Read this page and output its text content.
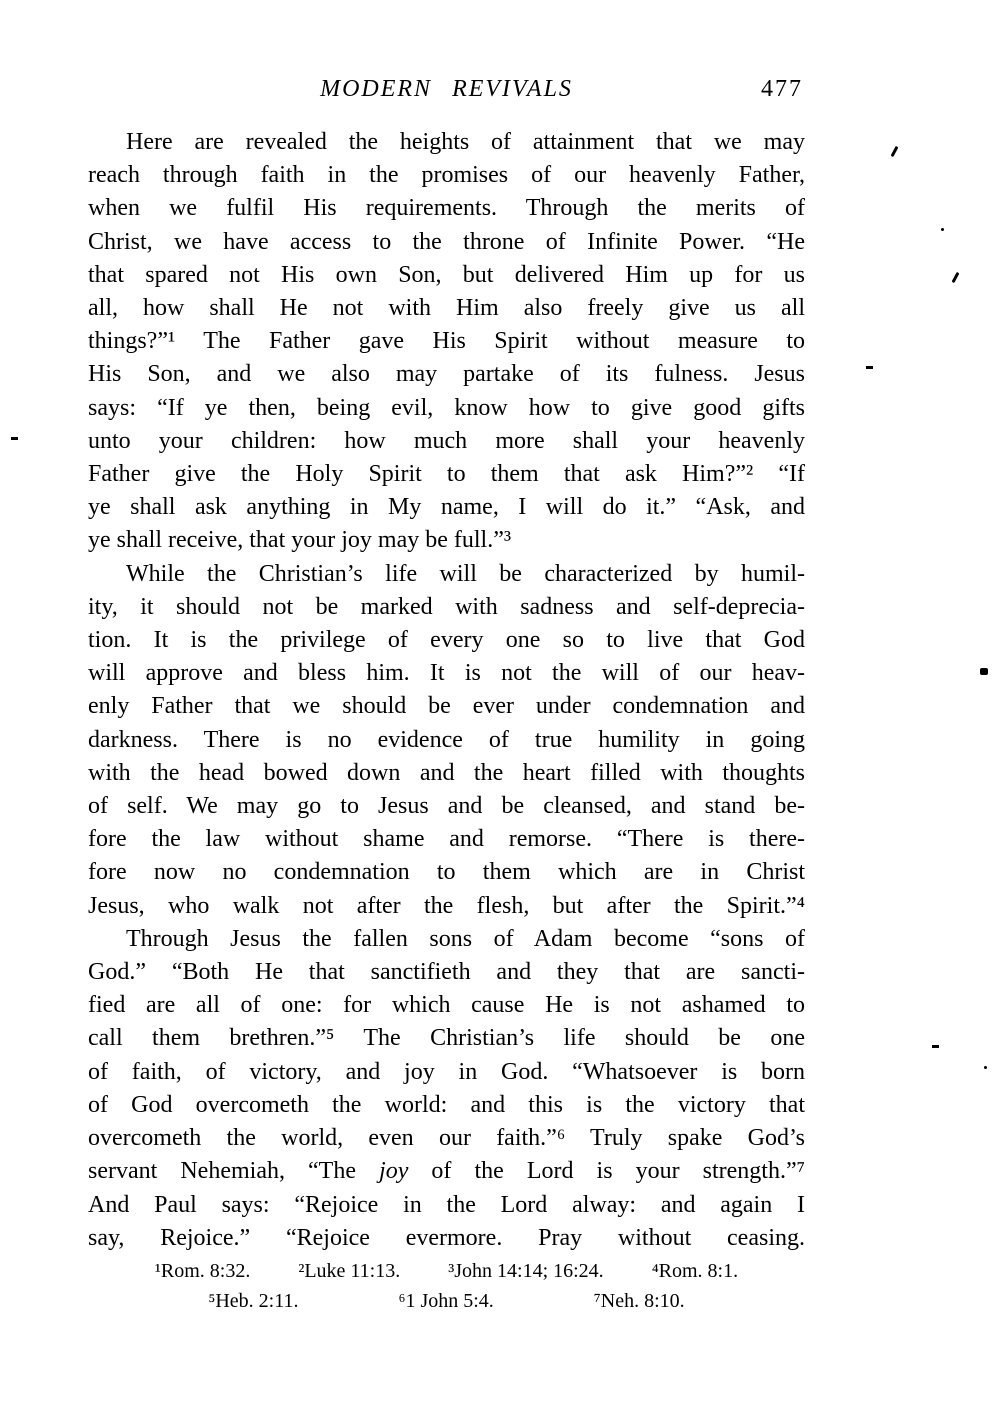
MODERN REVIVALS	477
Here are revealed the heights of attainment that we may
reach through faith in the promises of our heavenly Father,
when we fulfil His requirements. Through the merits of
Christ, we have access to the throne of Infinite Power. “He
that spared not His own Son, but delivered Him up for us
all, how shall He not with Him also freely give us all
things?”¹ The Father gave His Spirit without measure to
His Son, and we also may partake of its fulness. Jesus
says: “If ye then, being evil, know how to give good gifts
unto your children: how much more shall your heavenly
Father give the Holy Spirit to them that ask Him?”² “If
ye shall ask anything in My name, I will do it.” “Ask, and
ye shall receive, that your joy may be full.”³
While the Christian’s life will be characterized by humil-
ity, it should not be marked with sadness and self-deprecia-
tion. It is the privilege of every one so to live that God
will approve and bless him. It is not the will of our heav-
enly Father that we should be ever under condemnation and
darkness. There is no evidence of true humility in going
with the head bowed down and the heart filled with thoughts
of self. We may go to Jesus and be cleansed, and stand be-
fore the law without shame and remorse. “There is there-
fore now no condemnation to them which are in Christ
Jesus, who walk not after the flesh, but after the Spirit.”⁴
Through Jesus the fallen sons of Adam become “sons of
God.” “Both He that sanctifieth and they that are sancti-
fied are all of one: for which cause He is not ashamed to
call them brethren.”⁵ The Christian’s life should be one
of faith, of victory, and joy in God. “Whatsoever is born
of God overcometh the world: and this is the victory that
overcometh the world, even our faith.”⁶ Truly spake God’s
servant Nehemiah, “The joy of the Lord is your strength.”⁷
And Paul says: “Rejoice in the Lord alway: and again I
say, Rejoice.” “Rejoice evermore. Pray without ceasing.
¹Rom. 8:32. ²Luke 11:13. ³John 14:14; 16:24. ⁴Rom. 8:1.
⁵Heb. 2:11.	⁶1 John 5:4.	⁷Neh. 8:10.
